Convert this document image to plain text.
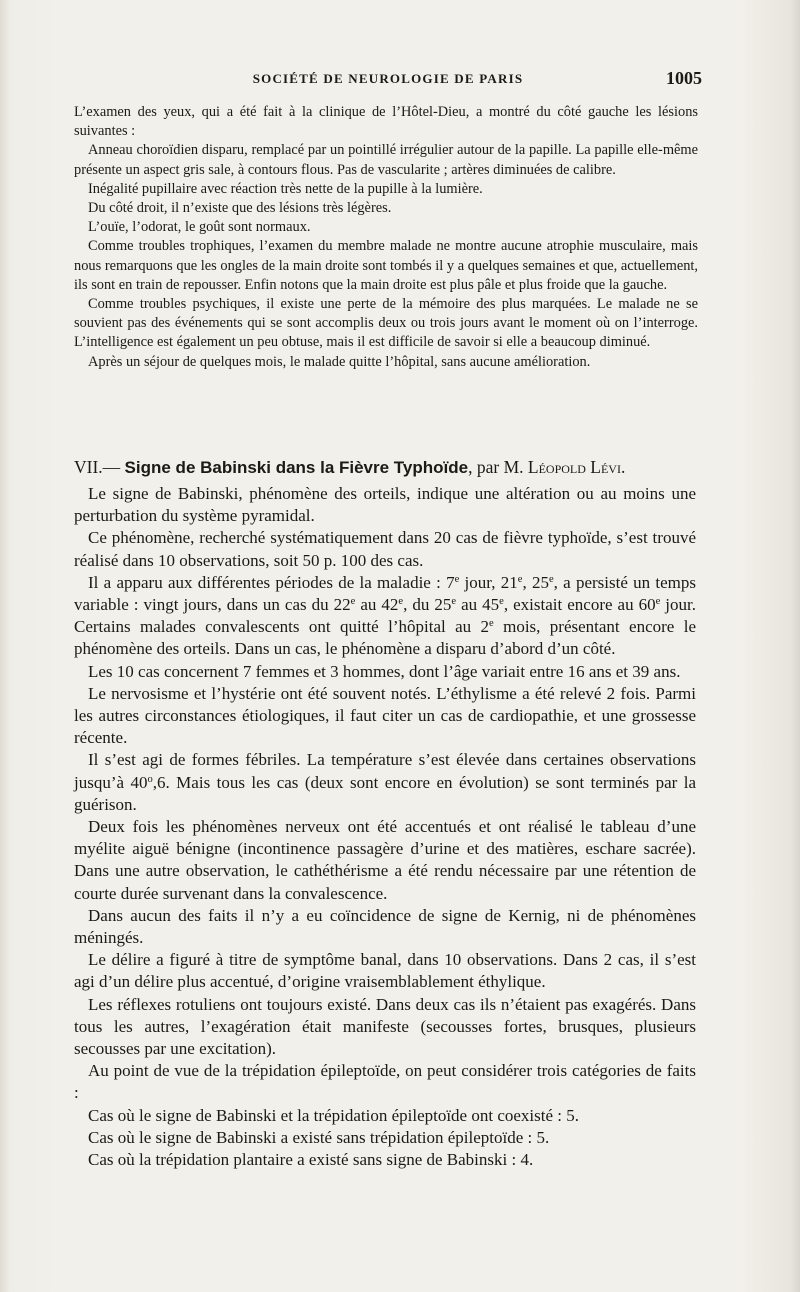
SOCIÉTÉ DE NEUROLOGIE DE PARIS	1005

L’examen des yeux, qui a été fait à la clinique de l’Hôtel-Dieu, a montré du côté gauche les lésions suivantes :

Anneau choroïdien disparu, remplacé par un pointillé irrégulier autour de la papille. La papille elle-même présente un aspect gris sale, à contours flous. Pas de vascularite ; artères diminuées de calibre.

Inégalité pupillaire avec réaction très nette de la pupille à la lumière.

Du côté droit, il n’existe que des lésions très légères.

L’ouïe, l’odorat, le goût sont normaux.

Comme troubles trophiques, l’examen du membre malade ne montre aucune atrophie musculaire, mais nous remarquons que les ongles de la main droite sont tombés il y a quelques semaines et que, actuellement, ils sont en train de repousser. Enfin notons que la main droite est plus pâle et plus froide que la gauche.

Comme troubles psychiques, il existe une perte de la mémoire des plus marquées. Le malade ne se souvient pas des événements qui se sont accomplis deux ou trois jours avant le moment où on l’interroge. L’intelligence est également un peu obtuse, mais il est difficile de savoir si elle a beaucoup diminué.

Après un séjour de quelques mois, le malade quitte l’hôpital, sans aucune amélioration.

VII.— Signe de Babinski dans la Fièvre Typhoïde, par M. Léopold Lévi.

Le signe de Babinski, phénomène des orteils, indique une altération ou au moins une perturbation du système pyramidal.

Ce phénomène, recherché systématiquement dans 20 cas de fièvre typhoïde, s’est trouvé réalisé dans 10 observations, soit 50 p. 100 des cas.

Il a apparu aux différentes périodes de la maladie : 7e jour, 21e, 25e, a persisté un temps variable : vingt jours, dans un cas du 22e au 42e, du 25e au 45e, existait encore au 60e jour. Certains malades convalescents ont quitté l’hôpital au 2e mois, présentant encore le phénomène des orteils. Dans un cas, le phénomène a disparu d’abord d’un côté.

Les 10 cas concernent 7 femmes et 3 hommes, dont l’âge variait entre 16 ans et 39 ans.

Le nervosisme et l’hystérie ont été souvent notés. L’éthylisme a été relevé 2 fois. Parmi les autres circonstances étiologiques, il faut citer un cas de cardiopathie, et une grossesse récente.

Il s’est agi de formes fébriles. La température s’est élevée dans certaines observations jusqu’à 40$^o$,6. Mais tous les cas (deux sont encore en évolution) se sont terminés par la guérison.

Deux fois les phénomènes nerveux ont été accentués et ont réalisé le tableau d’une myélite aiguë bénigne (incontinence passagère d’urine et des matières, eschare sacrée). Dans une autre observation, le cathéthérisme a été rendu nécessaire par une rétention de courte durée survenant dans la convalescence.

Dans aucun des faits il n’y a eu coïncidence de signe de Kernig, ni de phénomènes méningés.

Le délire a figuré à titre de symptôme banal, dans 10 observations. Dans 2 cas, il s’est agi d’un délire plus accentué, d’origine vraisemblablement éthylique.

Les réflexes rotuliens ont toujours existé. Dans deux cas ils n’étaient pas exagérés. Dans tous les autres, l’exagération était manifeste (secousses fortes, brusques, plusieurs secousses par une excitation).

Au point de vue de la trépidation épileptoïde, on peut considérer trois catégories de faits :

Cas où le signe de Babinski et la trépidation épileptoïde ont coexisté : 5.

Cas où le signe de Babinski a existé sans trépidation épileptoïde : 5.

Cas où la trépidation plantaire a existé sans signe de Babinski : 4.
